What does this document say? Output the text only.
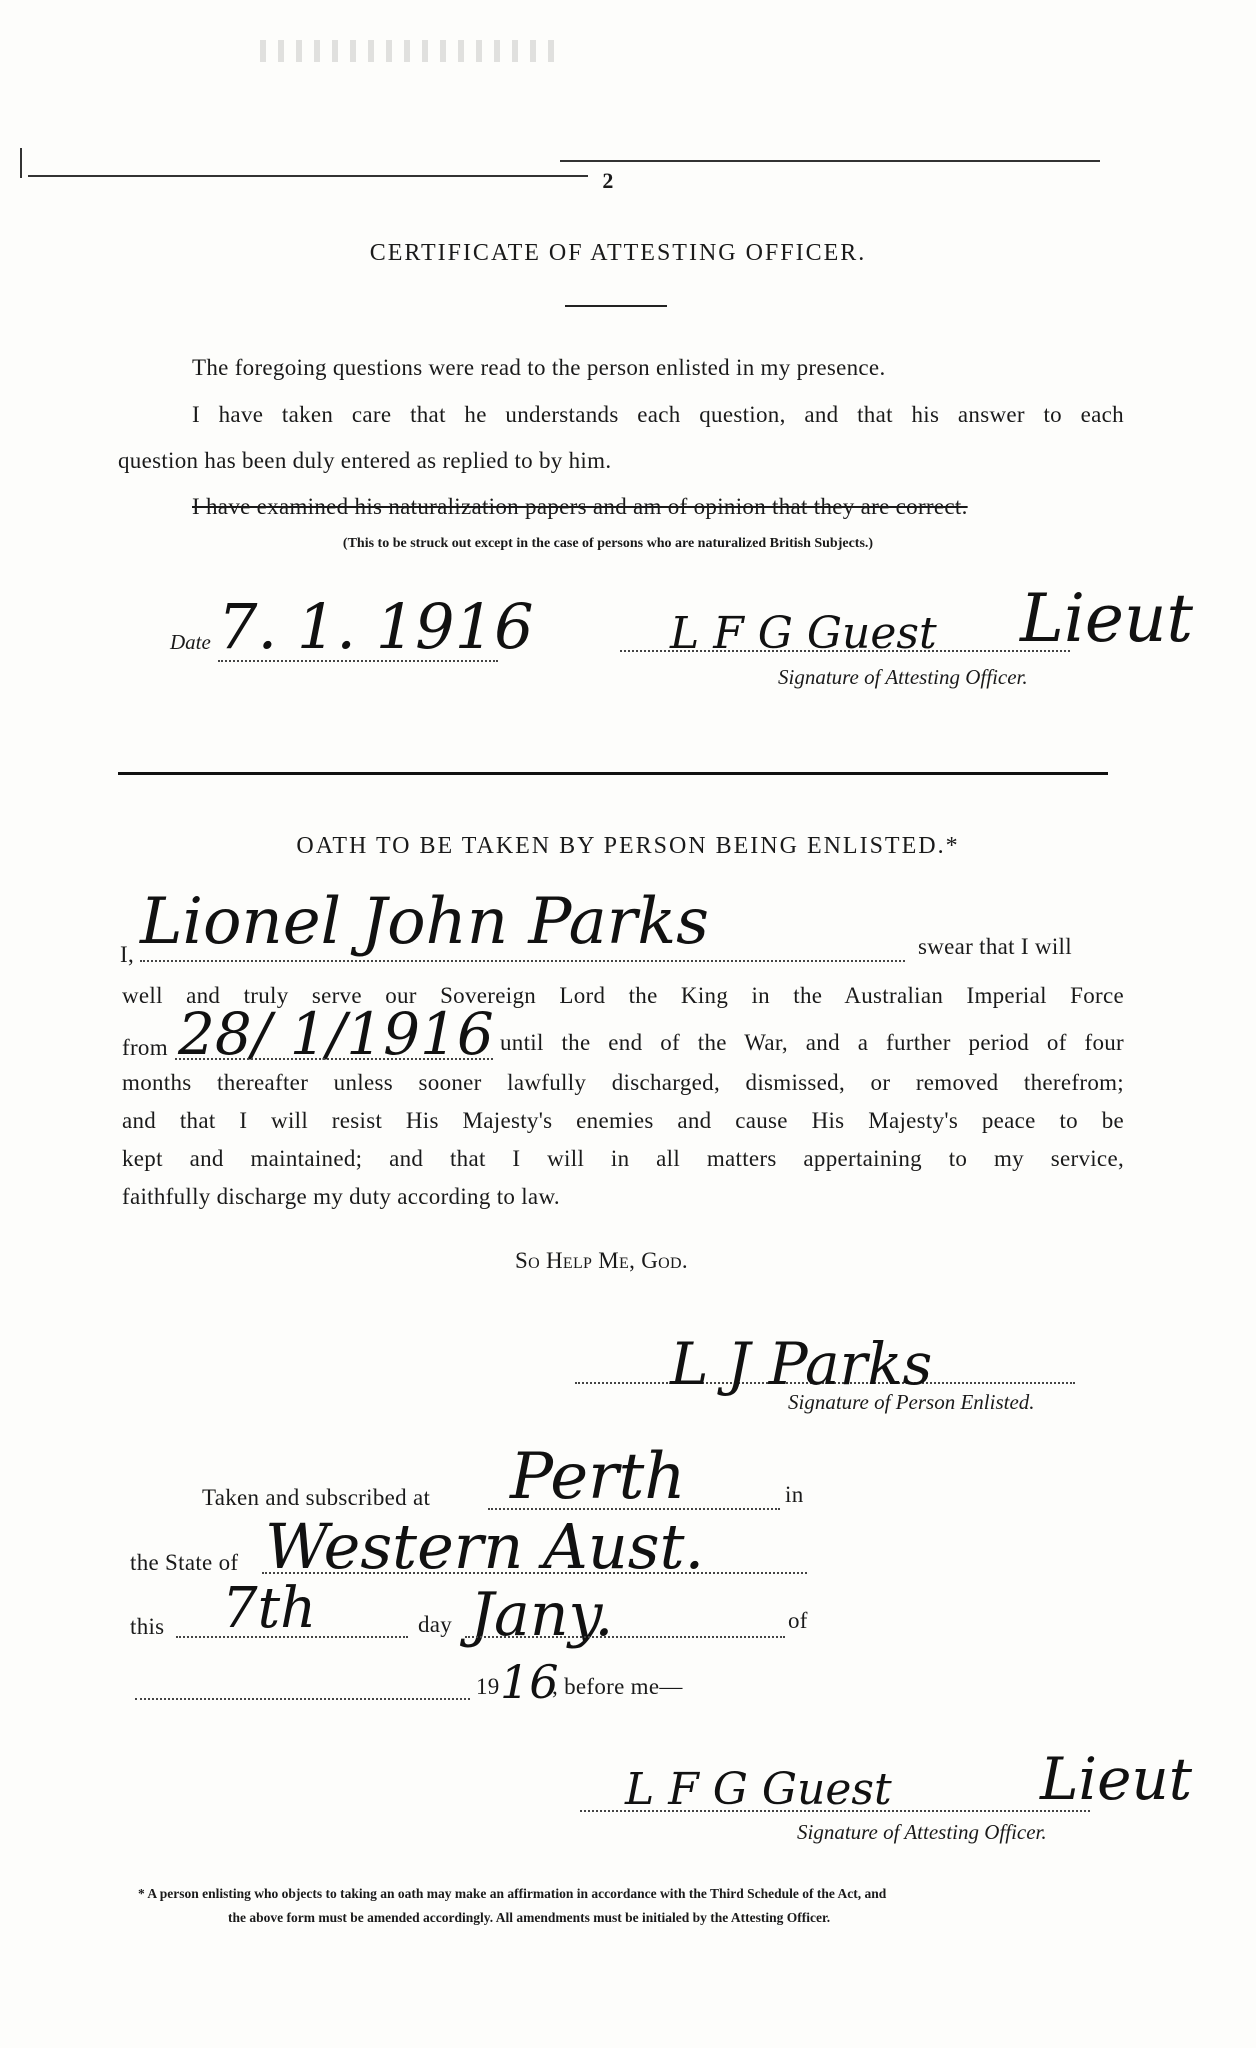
2
CERTIFICATE OF ATTESTING OFFICER.
The foregoing questions were read to the person enlisted in my presence.
I have taken care that he understands each question, and that his answer to each
question has been duly entered as replied to by him.
I have examined his naturalization papers and am of opinion that they are correct.
(This to be struck out except in the case of persons who are naturalized British Subjects.)
Date 7. 1. 1916	L F G Guest Lieut
Signature of Attesting Officer.
OATH TO BE TAKEN BY PERSON BEING ENLISTED.*
I, Lionel John Parks	swear that I will
well and truly serve our Sovereign Lord the King in the Australian Imperial Force
from 28/ 1/1916 until the end of the War, and a further period of four
months thereafter unless sooner lawfully discharged, dismissed, or removed therefrom;
and that I will resist His Majesty's enemies and cause His Majesty's peace to be
kept and maintained; and that I will in all matters appertaining to my service,
faithfully discharge my duty according to law.
So Help Me, God.
L J Parks
Signature of Person Enlisted.
Taken and subscribed at Perth	in
the State of Western Aust.
this 7th	day Jany.	of
19 16
, before me—
L F G Guest	Lieut
Signature of Attesting Officer.
* A person enlisting who objects to taking an oath may make an affirmation in accordance with the Third Schedule of the Act, and
the above form must be amended accordingly. All amendments must be initialed by the Attesting Officer.
